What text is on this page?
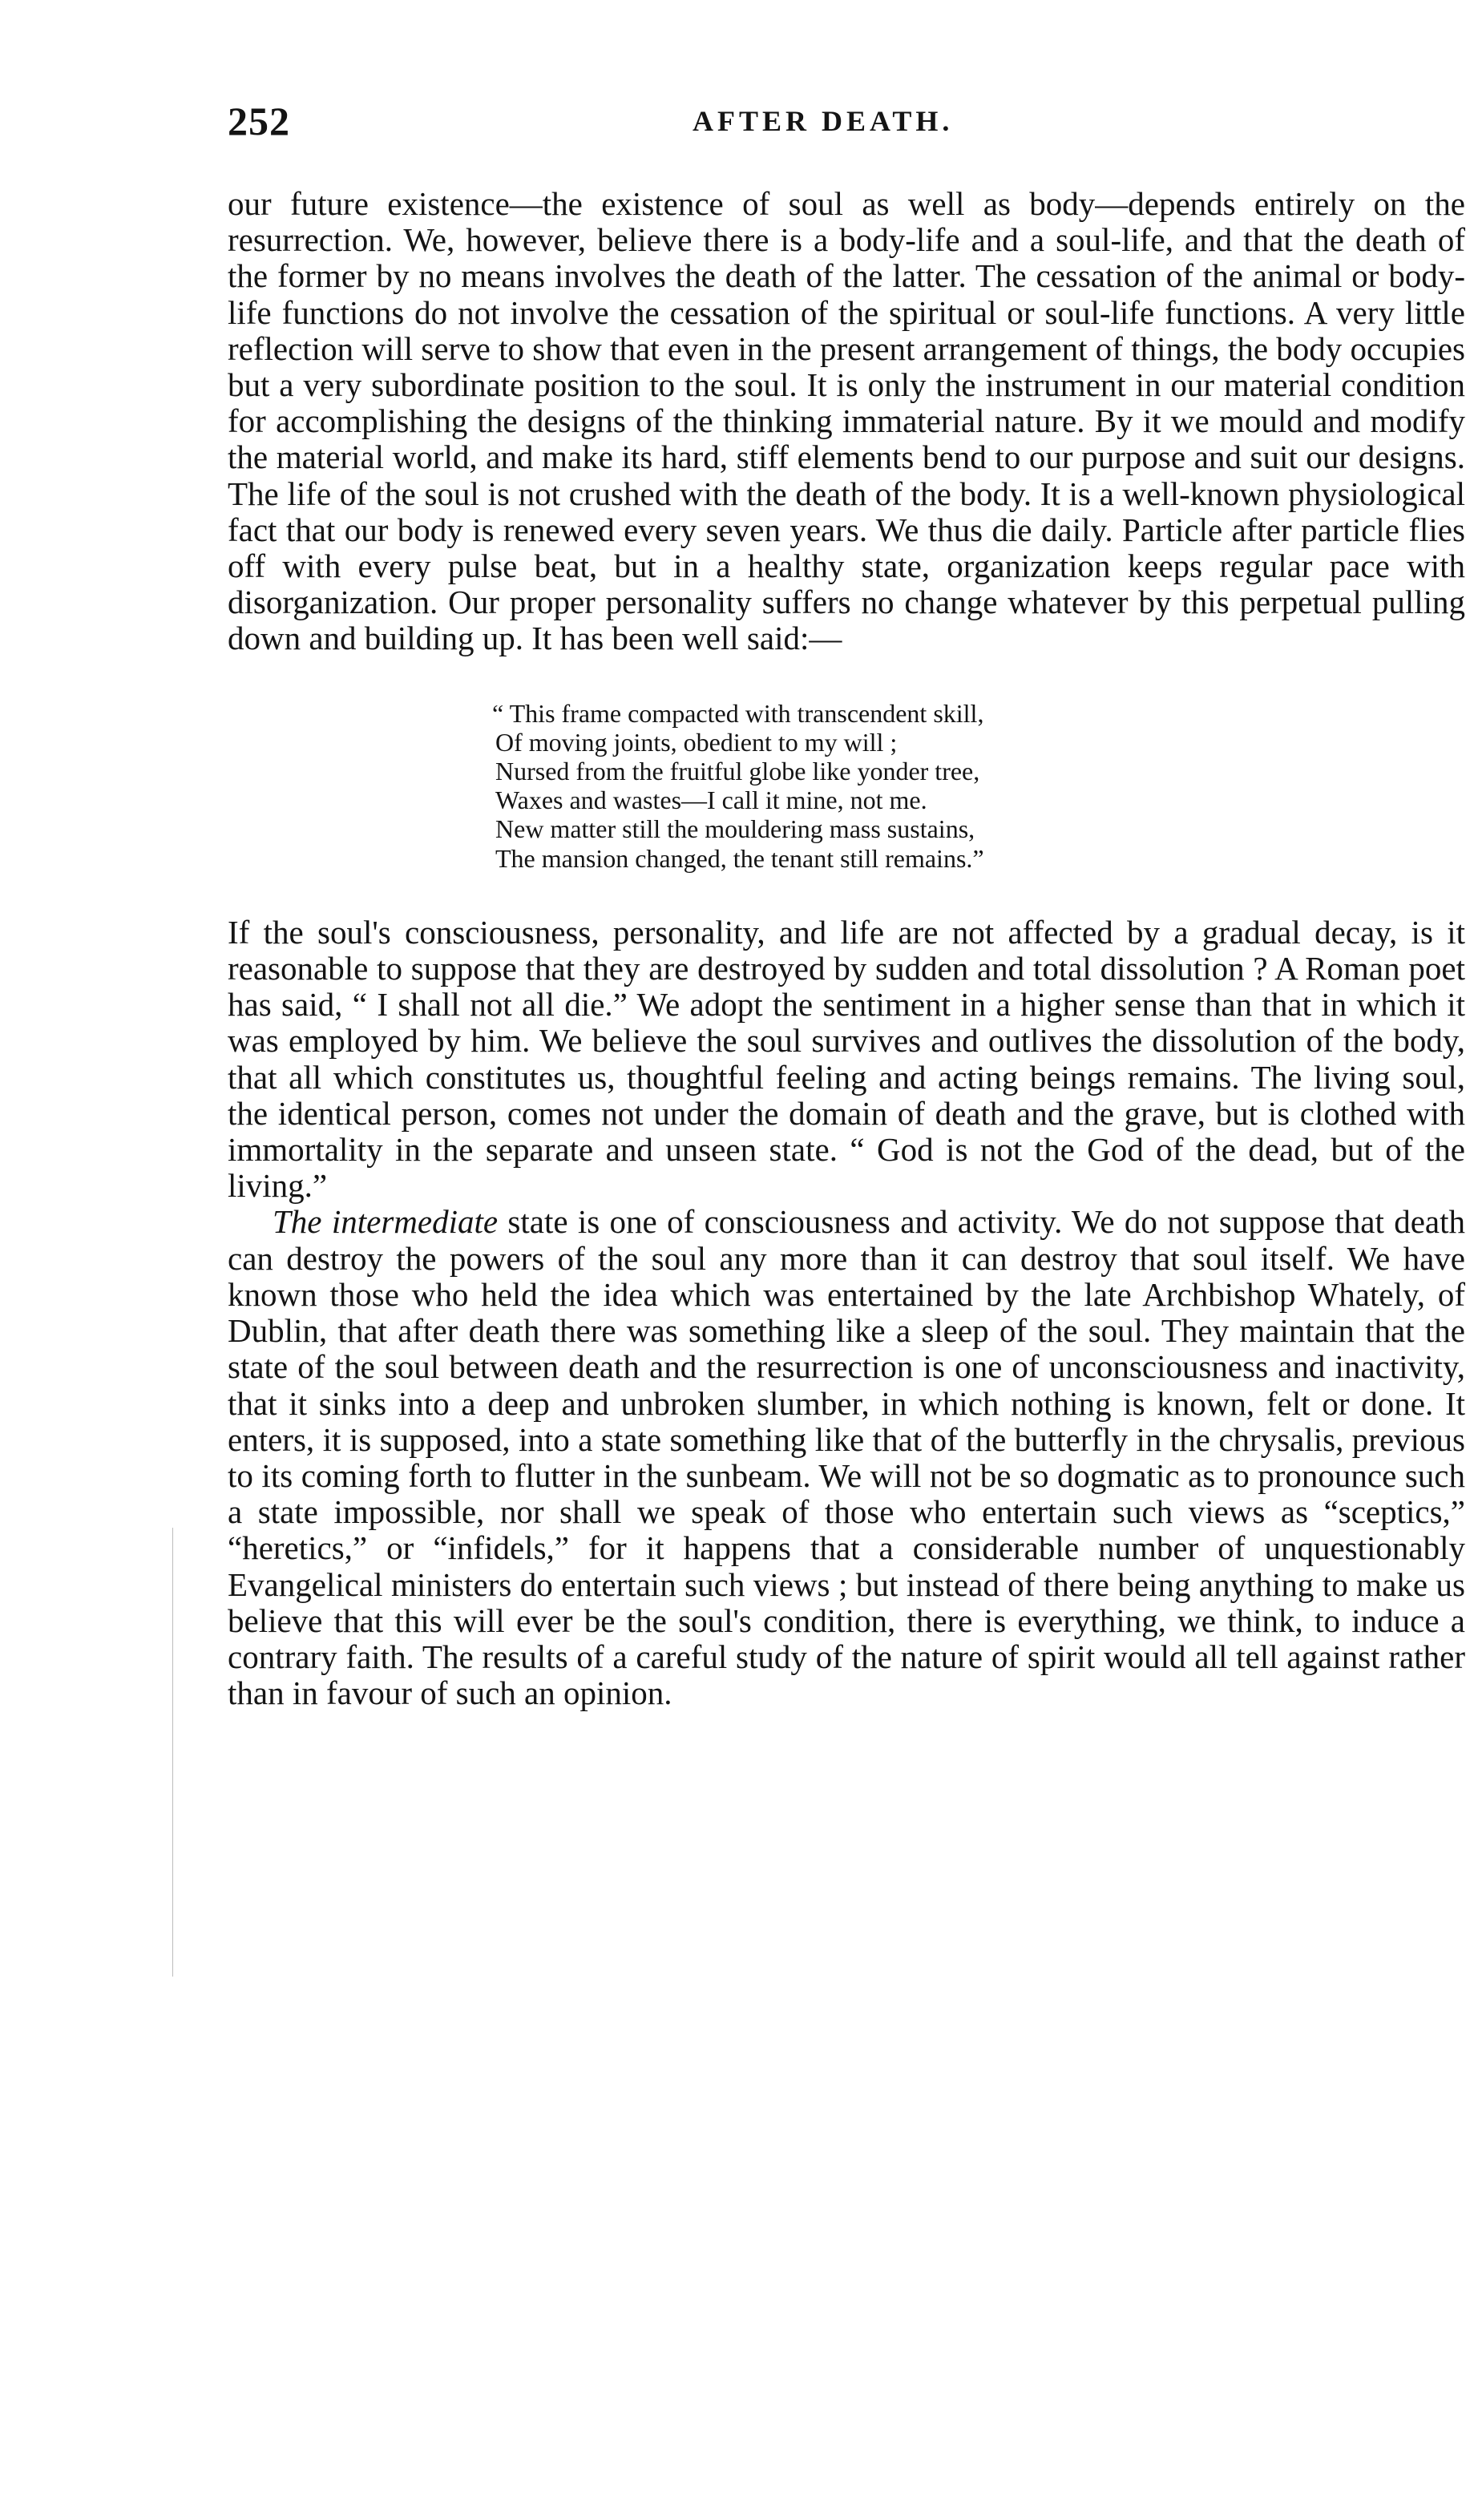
252	AFTER DEATH.

our future existence—the existence of soul as well as body—depends entirely on the resurrection. We, however, believe there is a body-life and a soul-life, and that the death of the former by no means involves the death of the latter. The cessation of the animal or body-life functions do not involve the cessation of the spiritual or soul-life functions. A very little reflection will serve to show that even in the present arrangement of things, the body occupies but a very subordinate position to the soul. It is only the instrument in our material condition for accomplishing the designs of the thinking immaterial nature. By it we mould and modify the material world, and make its hard, stiff elements bend to our purpose and suit our designs. The life of the soul is not crushed with the death of the body. It is a well-known physiological fact that our body is renewed every seven years. We thus die daily. Particle after particle flies off with every pulse beat, but in a healthy state, organization keeps regular pace with disorganization. Our proper personality suffers no change whatever by this perpetual pulling down and building up. It has been well said:—

“ This frame compacted with transcendent skill,
Of moving joints, obedient to my will ;
Nursed from the fruitful globe like yonder tree,
Waxes and wastes—I call it mine, not me.
New matter still the mouldering mass sustains,
The mansion changed, the tenant still remains.”

If the soul's consciousness, personality, and life are not affected by a gradual decay, is it reasonable to suppose that they are destroyed by sudden and total dissolution ? A Roman poet has said, “ I shall not all die.” We adopt the sentiment in a higher sense than that in which it was employed by him. We believe the soul survives and outlives the dissolution of the body, that all which constitutes us, thoughtful feeling and acting beings remains. The living soul, the identical person, comes not under the domain of death and the grave, but is clothed with immortality in the separate and unseen state. “ God is not the God of the dead, but of the living.”

The intermediate state is one of consciousness and activity. We do not suppose that death can destroy the powers of the soul any more than it can destroy that soul itself. We have known those who held the idea which was entertained by the late Archbishop Whately, of Dublin, that after death there was something like a sleep of the soul. They maintain that the state of the soul between death and the resurrection is one of unconsciousness and inactivity, that it sinks into a deep and unbroken slumber, in which nothing is known, felt or done. It enters, it is supposed, into a state something like that of the butterfly in the chrysalis, previous to its coming forth to flutter in the sunbeam. We will not be so dogmatic as to pronounce such a state impossible, nor shall we speak of those who entertain such views as “sceptics,” “heretics,” or “infidels,” for it happens that a considerable number of unquestionably Evangelical ministers do entertain such views ; but instead of there being anything to make us believe that this will ever be the soul's condition, there is everything, we think, to induce a contrary faith. The results of a careful study of the nature of spirit would all tell against rather than in favour of such an opinion.
